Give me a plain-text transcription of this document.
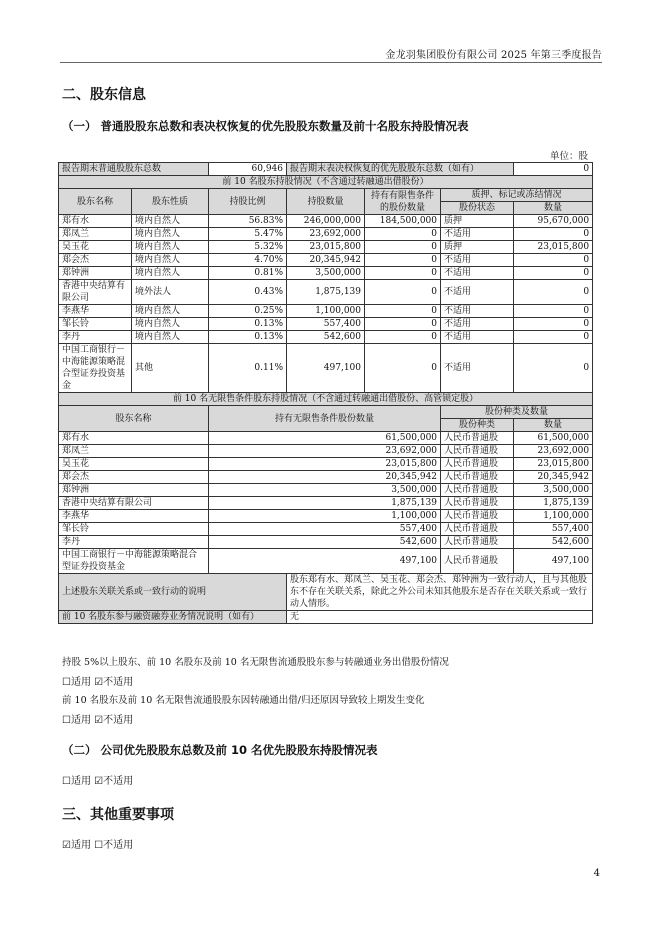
金龙羽集团股份有限公司 2025 年第三季度报告
二、股东信息
（一） 普通股股东总数和表决权恢复的优先股股东数量及前十名股东持股情况表
单位：股
报告期末普通股股东总数		60,946	报告期末表决权恢复的优先股股东总数（如有）			0
前 10 名股东持股情况（不含通过转融通出借股份）						
股东名称	股东性质	持股比例	持股数量	持有有限售条件的股份数量	质押、标记或冻结情况	
					股份状态	数量
郑有水	境内自然人	56.83%	246,000,000	184,500,000	质押	95,670,000
郑凤兰	境内自然人	5.47%	23,692,000	0	不适用	0
吴玉花	境内自然人	5.32%	23,015,800	0	质押	23,015,800
郑会杰	境内自然人	4.70%	20,345,942	0	不适用	0
郑钟洲	境内自然人	0.81%	3,500,000	0	不适用	0
香港中央结算有限公司	境外法人	0.43%	1,875,139	0	不适用	0
李燕华	境内自然人	0.25%	1,100,000	0	不适用	0
邹长铃	境内自然人	0.13%	557,400	0	不适用	0
李丹	境内自然人	0.13%	542,600	0	不适用	0
中国工商银行－中海能源策略混合型证券投资基金	其他	0.11%	497,100	0	不适用	0
前 10 名无限售条件股东持股情况（不含通过转融通出借股份、高管锁定股）						
股东名称		持有无限售条件股份数量			股份种类及数量	
					股份种类	数量
郑有水		61,500,000			人民币普通股	61,500,000
郑凤兰		23,692,000			人民币普通股	23,692,000
吴玉花		23,015,800			人民币普通股	23,015,800
郑会杰		20,345,942			人民币普通股	20,345,942
郑钟洲		3,500,000			人民币普通股	3,500,000
香港中央结算有限公司		1,875,139			人民币普通股	1,875,139
李燕华		1,100,000			人民币普通股	1,100,000
邹长铃		557,400			人民币普通股	557,400
李丹		542,600			人民币普通股	542,600
中国工商银行－中海能源策略混合型证券投资基金		497,100			人民币普通股	497,100
上述股东关联关系或一致行动的说明			股东郑有水、郑凤兰、吴玉花、郑会杰、郑钟洲为一致行动人，且与其他股东不存在关联关系，除此之外公司未知其他股东是否存在关联关系或一致行动人情形。			
前 10 名股东参与融资融券业务情况说明（如有）			无			
持股 5%以上股东、前 10 名股东及前 10 名无限售流通股股东参与转融通业务出借股份情况
☐适用 ☑不适用
前 10 名股东及前 10 名无限售流通股股东因转融通出借/归还原因导致较上期发生变化
☐适用 ☑不适用
（二） 公司优先股股东总数及前 10 名优先股股东持股情况表
☐适用 ☑不适用
三、其他重要事项
☑适用 ☐不适用
4
